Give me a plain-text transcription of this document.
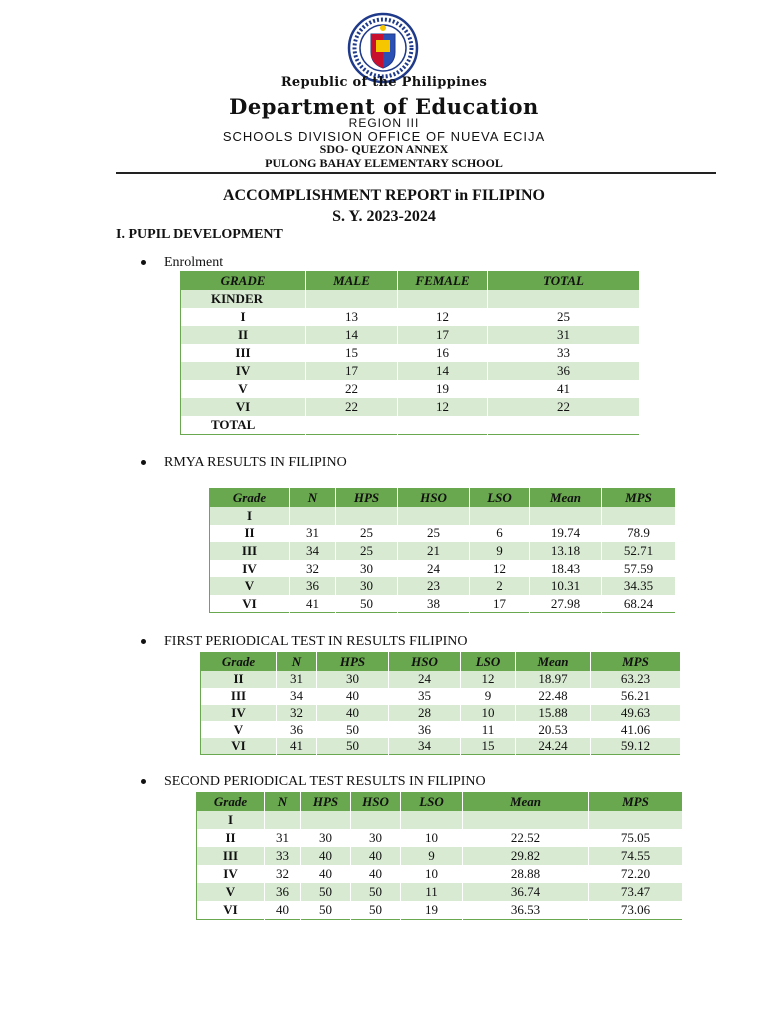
Republic of the Philippines
Department of Education
REGION III
SCHOOLS DIVISION OFFICE OF NUEVA ECIJA
SDO- QUEZON ANNEX
PULONG BAHAY ELEMENTARY SCHOOL
ACCOMPLISHMENT REPORT in FILIPINO
S. Y. 2023-2024
I. PUPIL DEVELOPMENT
Enrolment
GRADE	MALE	FEMALE	TOTAL
KINDER			
I	13	12	25
II	14	17	31
III	15	16	33
IV	17	14	36
V	22	19	41
VI	22	12	22
TOTAL			
RMYA RESULTS IN FILIPINO
Grade	N	HPS	HSO	LSO	Mean	MPS
I						
II	31	25	25	6	19.74	78.9
III	34	25	21	9	13.18	52.71
IV	32	30	24	12	18.43	57.59
V	36	30	23	2	10.31	34.35
VI	41	50	38	17	27.98	68.24
FIRST PERIODICAL TEST IN RESULTS FILIPINO
Grade	N	HPS	HSO	LSO	Mean	MPS
II	31	30	24	12	18.97	63.23
III	34	40	35	9	22.48	56.21
IV	32	40	28	10	15.88	49.63
V	36	50	36	11	20.53	41.06
VI	41	50	34	15	24.24	59.12
SECOND PERIODICAL TEST RESULTS IN FILIPINO
Grade	N	HPS	HSO	LSO	Mean	MPS
I						
II	31	30	30	10	22.52	75.05
III	33	40	40	9	29.82	74.55
IV	32	40	40	10	28.88	72.20
V	36	50	50	11	36.74	73.47
VI	40	50	50	19	36.53	73.06
